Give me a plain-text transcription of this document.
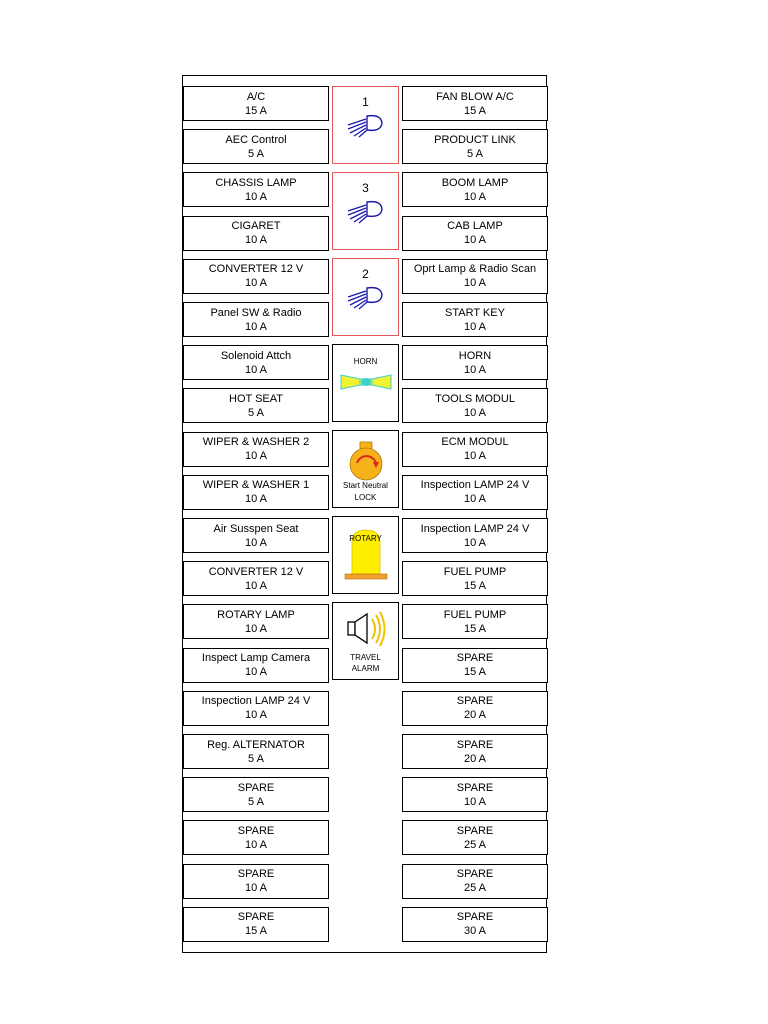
A/C
15 A
AEC Control
5 A
CHASSIS LAMP
10 A
CIGARET
10 A
CONVERTER 12 V
10 A
Panel SW & Radio
10 A
Solenoid Attch
10 A
HOT SEAT
5 A
WIPER & WASHER 2
10 A
WIPER & WASHER 1
10 A
Air Susspen Seat
10 A
CONVERTER 12 V
10 A
ROTARY LAMP
10 A
Inspect Lamp Camera
10 A
Inspection LAMP 24 V
10 A
Reg. ALTERNATOR
5 A
SPARE
5 A
SPARE
10 A
SPARE
10 A
SPARE
15 A
FAN BLOW A/C
15 A
PRODUCT LINK
5 A
BOOM LAMP
10 A
CAB LAMP
10 A
Oprt Lamp & Radio Scan
10 A
START KEY
10 A
HORN
10 A
TOOLS MODUL
10 A
ECM MODUL
10 A
Inspection LAMP 24 V
10 A
Inspection LAMP 24 V
10 A
FUEL PUMP
15 A
FUEL PUMP
15 A
SPARE
15 A
SPARE
20 A
SPARE
20 A
SPARE
10 A
SPARE
25 A
SPARE
25 A
SPARE
30 A
1
3
2
HORN
Start Neutral
LOCK
ROTARY
TRAVEL
ALARM
